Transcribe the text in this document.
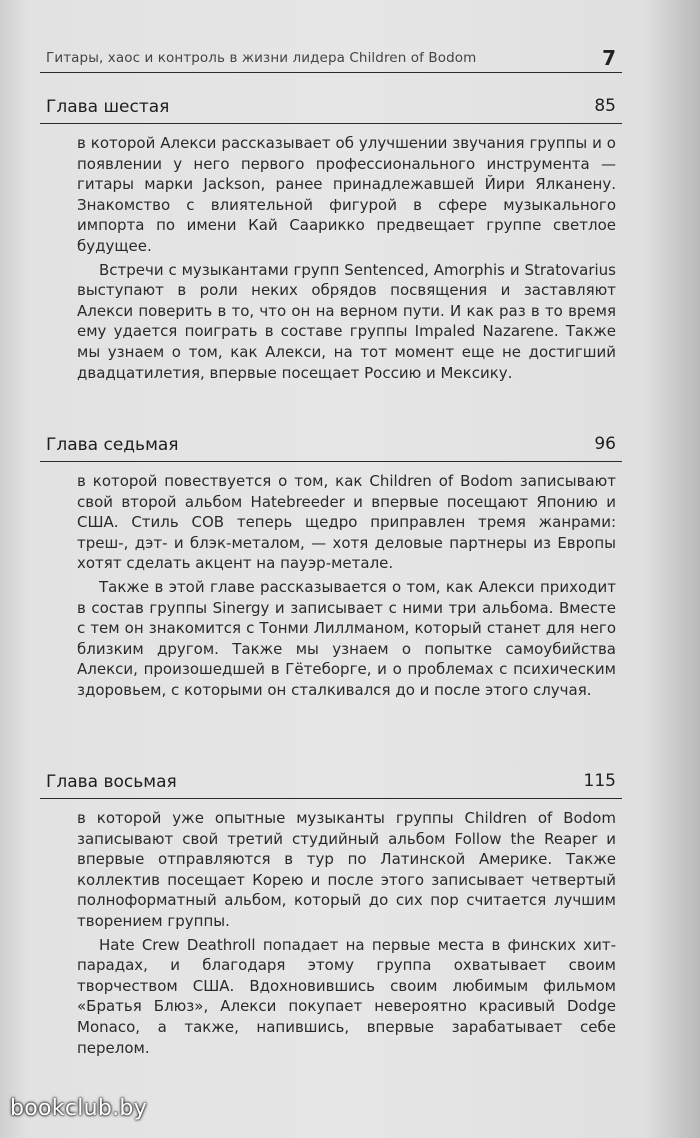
Гитары, хаос и контроль в жизни лидера Children of Bodom	7
Глава шестая	85

в которой Алекси рассказывает об улучшении звучания группы и о появлении у него первого профессионального инструмента — гитары марки Jackson, ранее принадлежавшей Йири Ялканену. Знакомство с влиятельной фигурой в сфере музыкального импорта по имени Кай Саарикко предвещает группе светлое будущее.

Встречи с музыкантами групп Sentenced, Amorphis и Stratovarius выступают в роли неких обрядов посвящения и заставляют Алекси поверить в то, что он на верном пути. И как раз в то время ему удается поиграть в составе группы Impaled Nazarene. Также мы узнаем о том, как Алекси, на тот момент еще не достигший двадцатилетия, впервые посещает Россию и Мексику.

Глава седьмая	96

в которой повествуется о том, как Children of Bodom записывают свой второй альбом Hatebreeder и впервые посещают Японию и США. Стиль COB теперь щедро приправлен тремя жанрами: треш-, дэт- и блэк-металом, — хотя деловые партнеры из Европы хотят сделать акцент на пауэр-метале.

Также в этой главе рассказывается о том, как Алекси приходит в состав группы Sinergy и записывает с ними три альбома. Вместе с тем он знакомится с Тонми Лиллманом, который станет для него близким другом. Также мы узнаем о попытке самоубийства Алекси, произошедшей в Гётеборге, и о проблемах с психическим здоровьем, с которыми он сталкивался до и после этого случая.

Глава восьмая	115

в которой уже опытные музыканты группы Children of Bodom записывают свой третий студийный альбом Follow the Reaper и впервые отправляются в тур по Латинской Америке. Также коллектив посещает Корею и после этого записывает четвертый полноформатный альбом, который до сих пор считается лучшим творением группы.

Hate Crew Deathroll попадает на первые места в финских хит-парадах, и благодаря этому группа охватывает своим творчеством США. Вдохновившись своим любимым фильмом «Братья Блюз», Алекси покупает невероятно красивый Dodge Monaco, а также, напившись, впервые зарабатывает себе перелом.

bookclub.by
